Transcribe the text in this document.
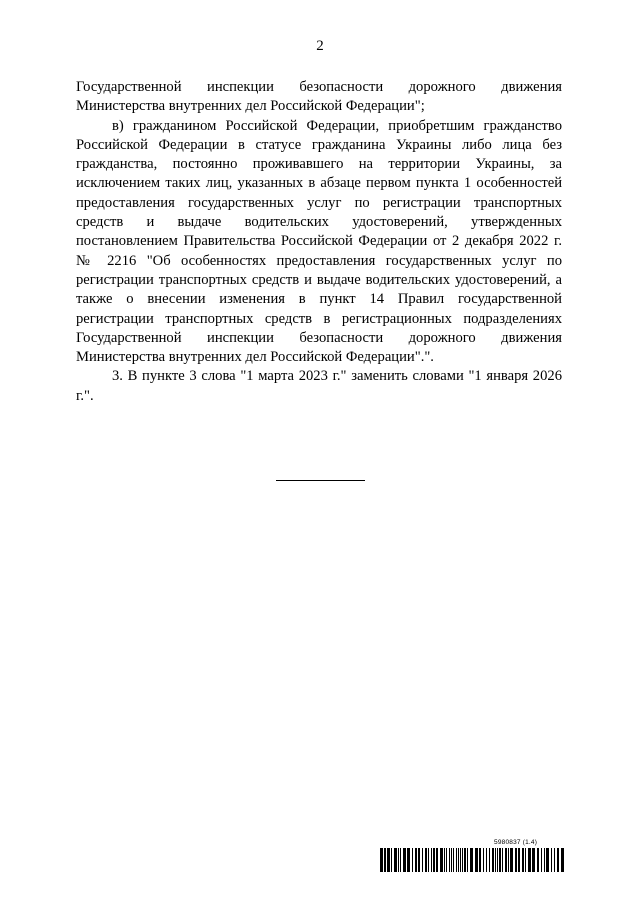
2

Государственной инспекции безопасности дорожного движения Министерства внутренних дел Российской Федерации";

в) гражданином Российской Федерации, приобретшим гражданство Российской Федерации в статусе гражданина Украины либо лица без гражданства, постоянно проживавшего на территории Украины, за исключением таких лиц, указанных в абзаце первом пункта 1 особенностей предоставления государственных услуг по регистрации транспортных средств и выдаче водительских удостоверений, утвержденных постановлением Правительства Российской Федерации от 2 декабря 2022 г. № 2216 "Об особенностях предоставления государственных услуг по регистрации транспортных средств и выдаче водительских удостоверений, а также о внесении изменения в пункт 14 Правил государственной регистрации транспортных средств в регистрационных подразделениях Государственной инспекции безопасности дорожного движения Министерства внутренних дел Российской Федерации".".

3. В пункте 3 слова "1 марта 2023 г." заменить словами "1 января 2026 г.".

5980837 (1.4)
